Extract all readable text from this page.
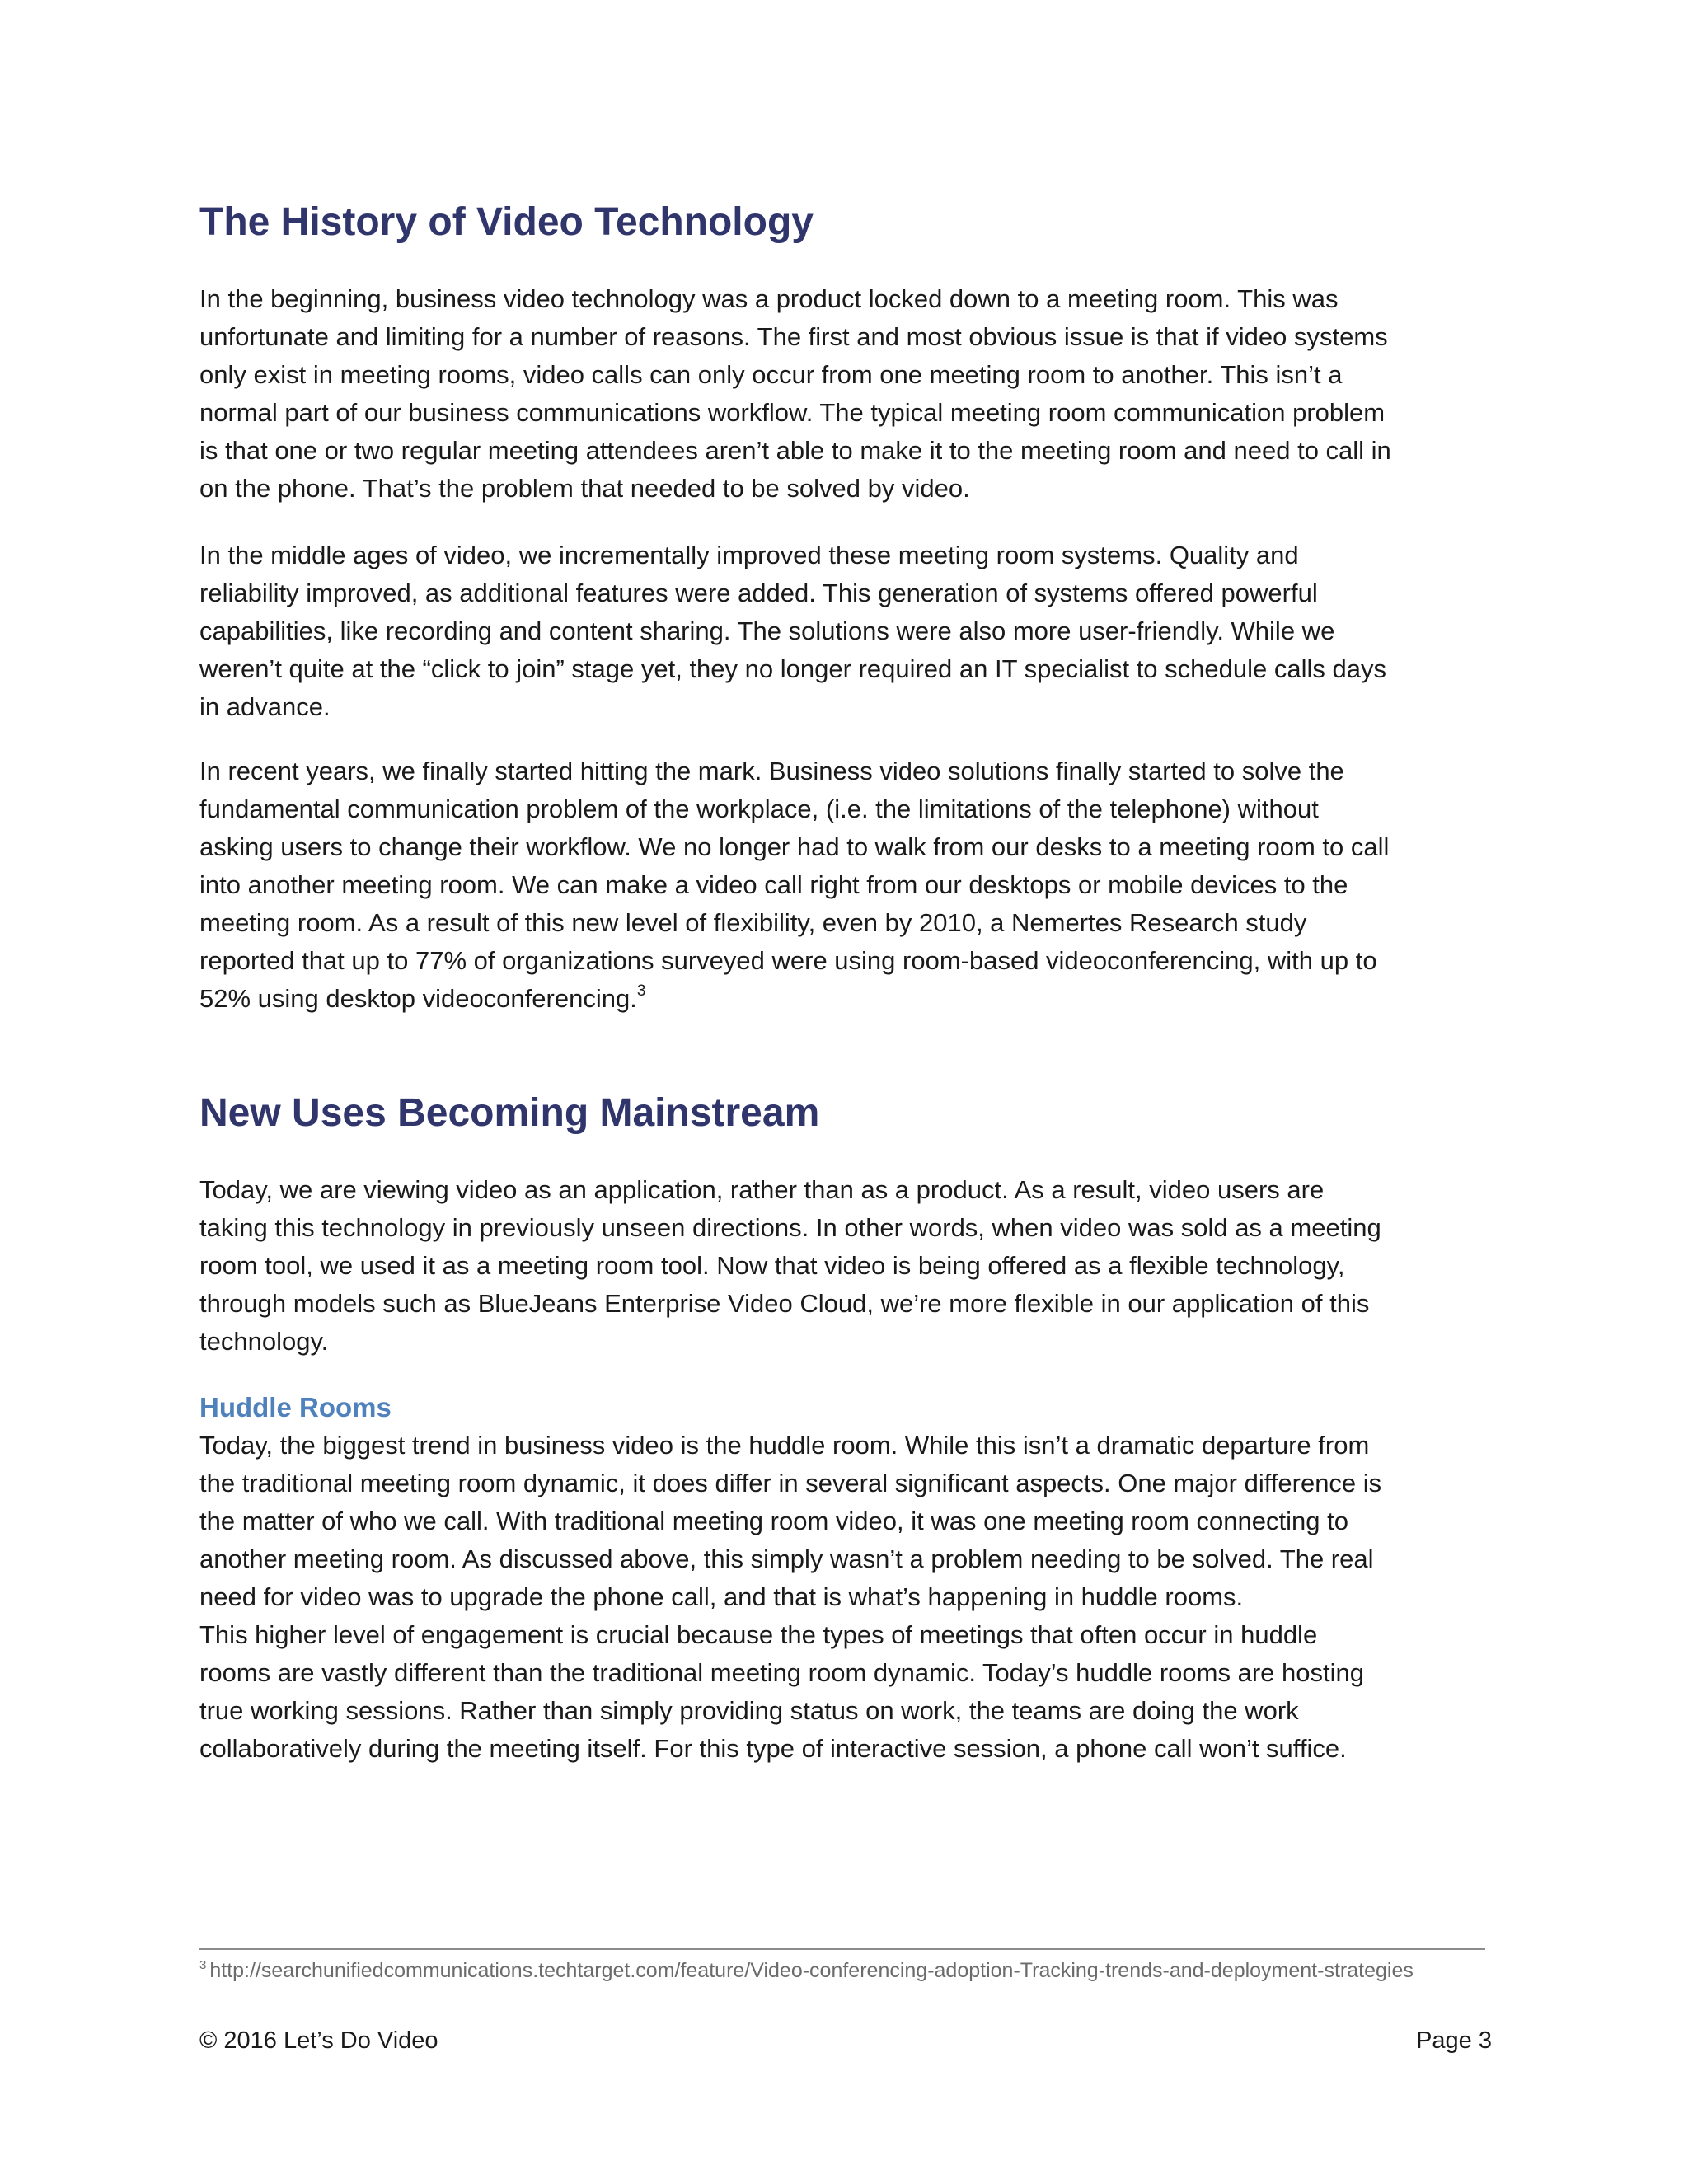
The History of Video Technology

In the beginning, business video technology was a product locked down to a meeting room. This was
unfortunate and limiting for a number of reasons. The first and most obvious issue is that if video systems
only exist in meeting rooms, video calls can only occur from one meeting room to another. This isn’t a
normal part of our business communications workflow. The typical meeting room communication problem
is that one or two regular meeting attendees aren’t able to make it to the meeting room and need to call in
on the phone. That’s the problem that needed to be solved by video.

In the middle ages of video, we incrementally improved these meeting room systems. Quality and
reliability improved, as additional features were added. This generation of systems offered powerful
capabilities, like recording and content sharing. The solutions were also more user-friendly. While we
weren’t quite at the “click to join” stage yet, they no longer required an IT specialist to schedule calls days
in advance.

In recent years, we finally started hitting the mark. Business video solutions finally started to solve the
fundamental communication problem of the workplace, (i.e. the limitations of the telephone) without
asking users to change their workflow. We no longer had to walk from our desks to a meeting room to call
into another meeting room. We can make a video call right from our desktops or mobile devices to the
meeting room. As a result of this new level of flexibility, even by 2010, a Nemertes Research study
reported that up to 77% of organizations surveyed were using room-based videoconferencing, with up to
52% using desktop videoconferencing.$^3$

New Uses Becoming Mainstream

Today, we are viewing video as an application, rather than as a product. As a result, video users are
taking this technology in previously unseen directions. In other words, when video was sold as a meeting
room tool, we used it as a meeting room tool. Now that video is being offered as a flexible technology,
through models such as BlueJeans Enterprise Video Cloud, we’re more flexible in our application of this
technology.

Huddle Rooms

Today, the biggest trend in business video is the huddle room. While this isn’t a dramatic departure from
the traditional meeting room dynamic, it does differ in several significant aspects. One major difference is
the matter of who we call. With traditional meeting room video, it was one meeting room connecting to
another meeting room. As discussed above, this simply wasn’t a problem needing to be solved. The real
need for video was to upgrade the phone call, and that is what’s happening in huddle rooms.
This higher level of engagement is crucial because the types of meetings that often occur in huddle
rooms are vastly different than the traditional meeting room dynamic. Today’s huddle rooms are hosting
true working sessions. Rather than simply providing status on work, the teams are doing the work
collaboratively during the meeting itself. For this type of interactive session, a phone call won’t suffice.

$^3$ http://searchunifiedcommunications.techtarget.com/feature/Video-conferencing-adoption-Tracking-trends-and-deployment-strategies
© 2016 Let’s Do Video	Page 3
